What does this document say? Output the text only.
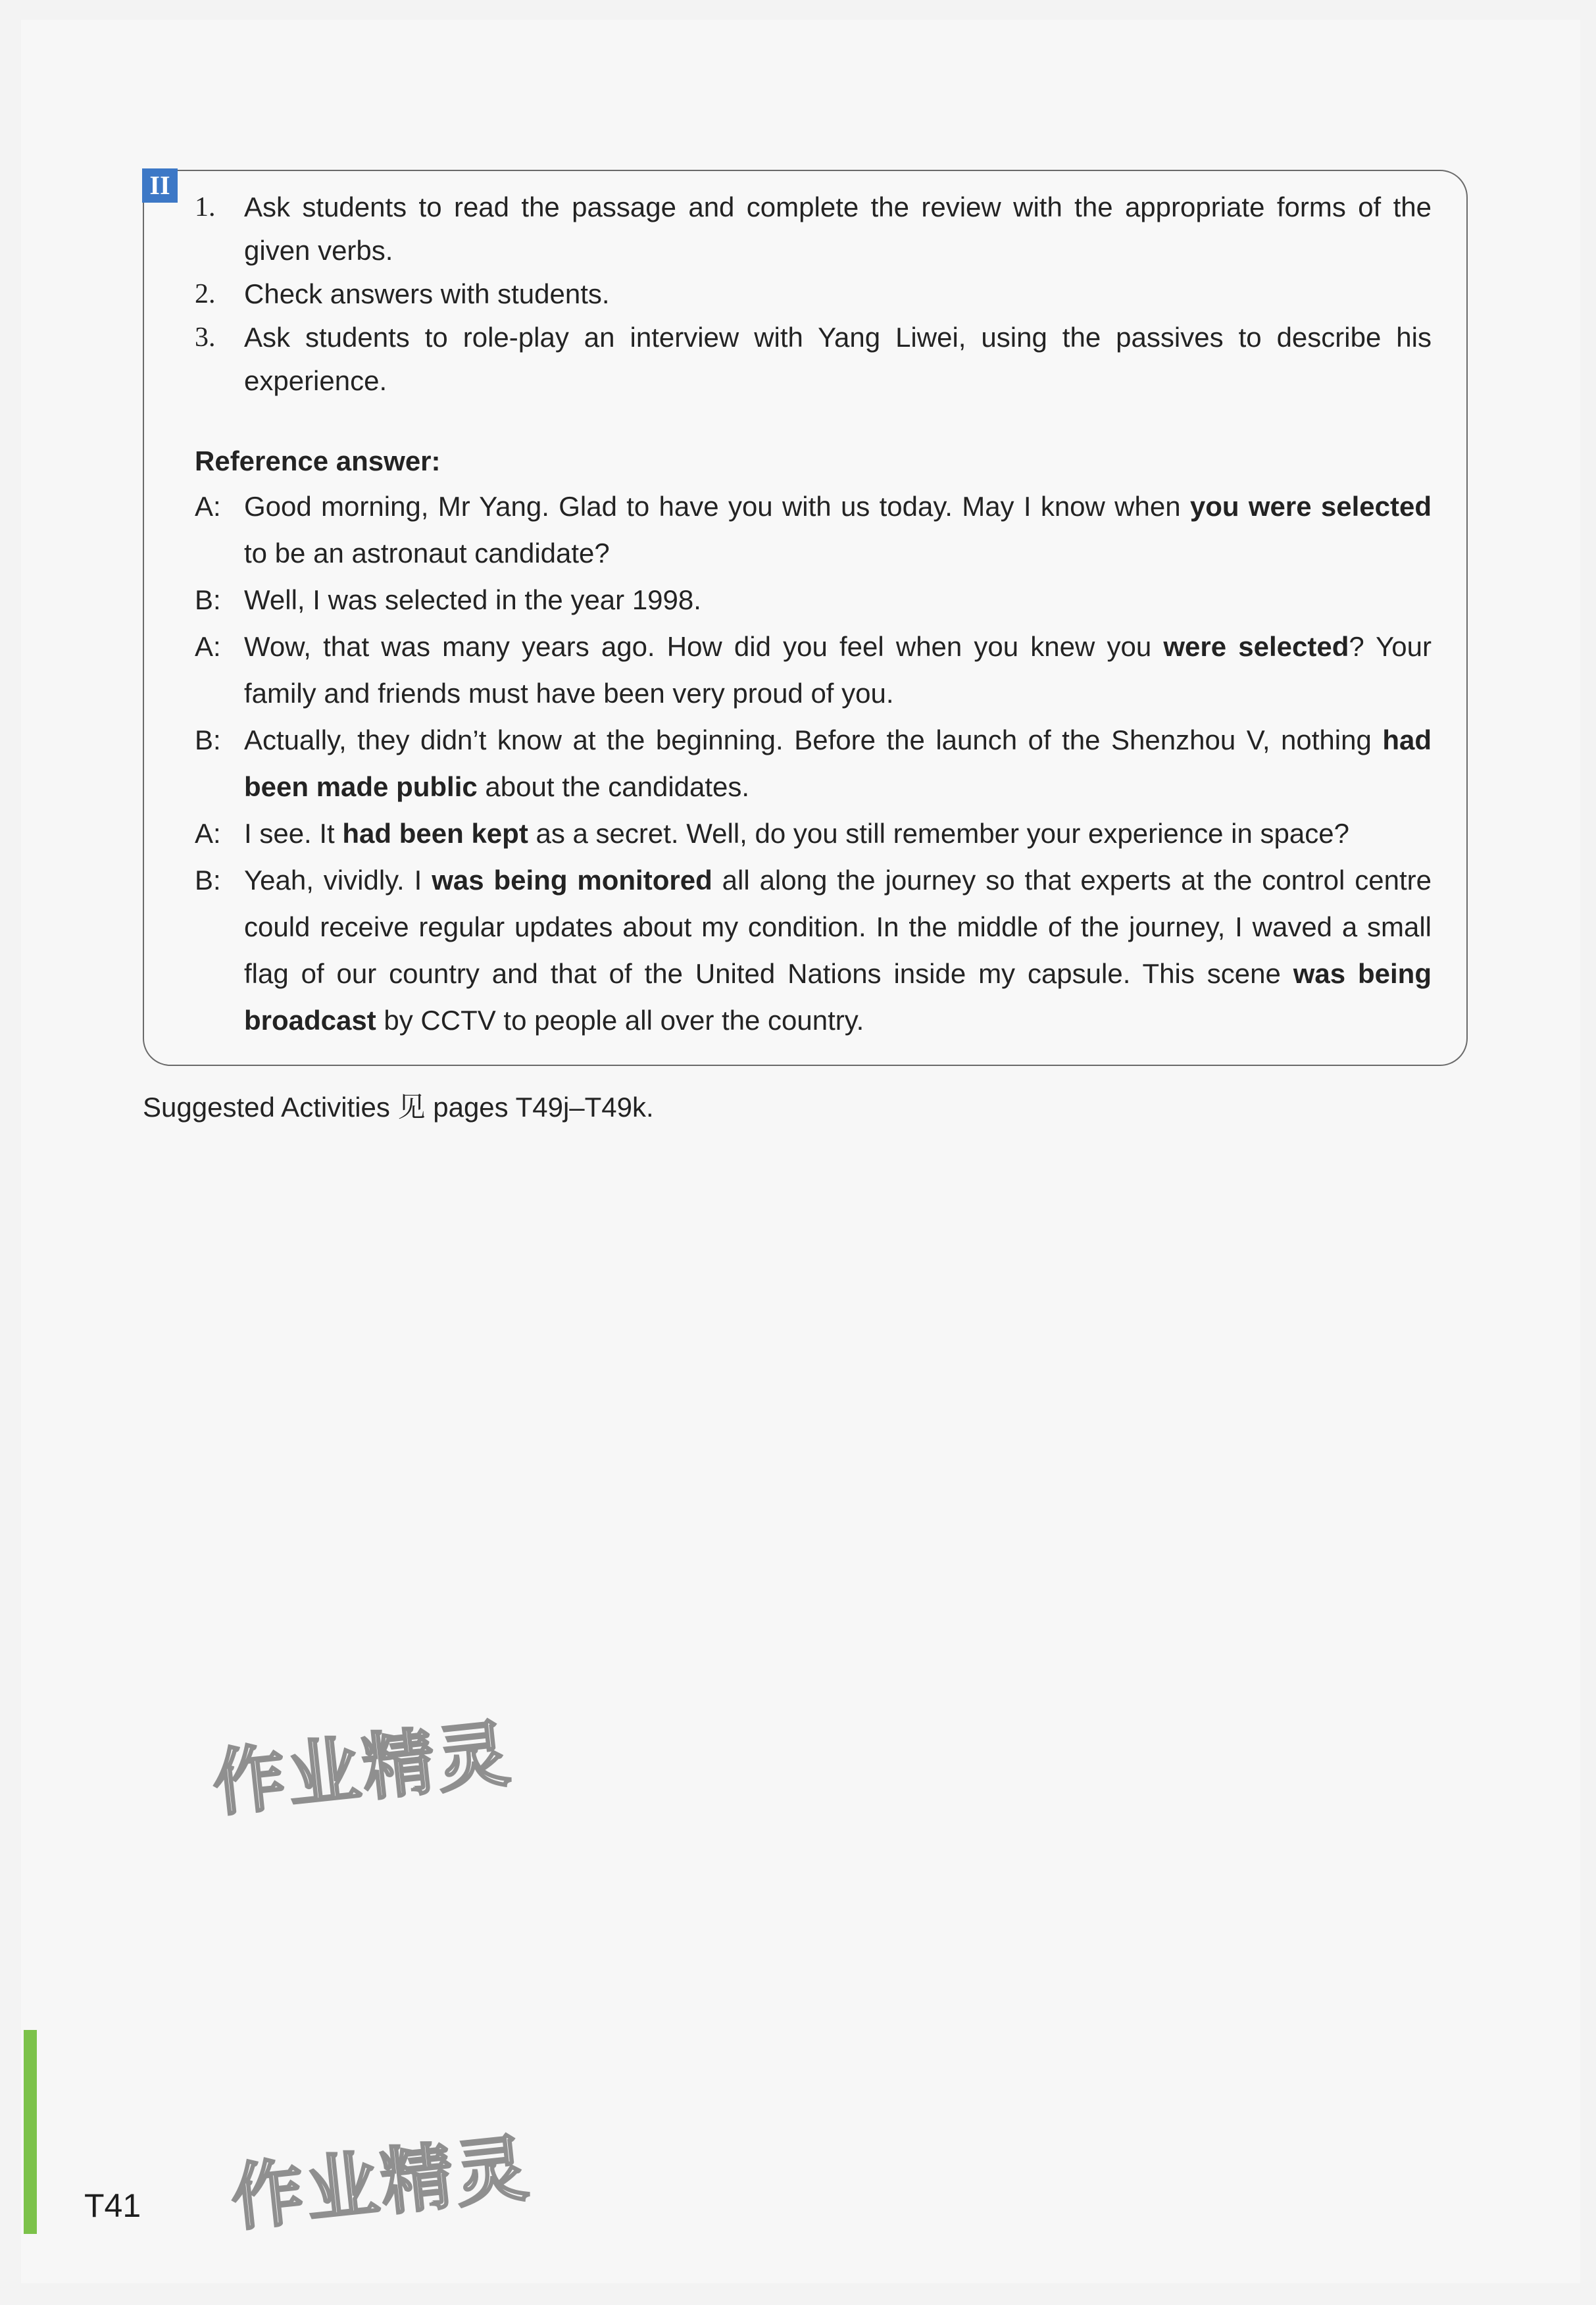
II
1. Ask students to read the passage and complete the review with the appropriate forms of the given verbs.
2. Check answers with students.
3. Ask students to role-play an interview with Yang Liwei, using the passives to describe his experience.
Reference answer:
A: Good morning, Mr Yang. Glad to have you with us today. May I know when you were selected to be an astronaut candidate?
B: Well, I was selected in the year 1998.
A: Wow, that was many years ago. How did you feel when you knew you were selected? Your family and friends must have been very proud of you.
B: Actually, they didn’t know at the beginning. Before the launch of the Shenzhou V, nothing had been made public about the candidates.
A: I see. It had been kept as a secret. Well, do you still remember your experience in space?
B: Yeah, vividly. I was being monitored all along the journey so that experts at the control centre could receive regular updates about my condition. In the middle of the journey, I waved a small flag of our country and that of the United Nations inside my capsule. This scene was being broadcast by CCTV to people all over the country.
Suggested Activities 见 pages T49j–T49k.
作业精灵
作业精灵
T41
